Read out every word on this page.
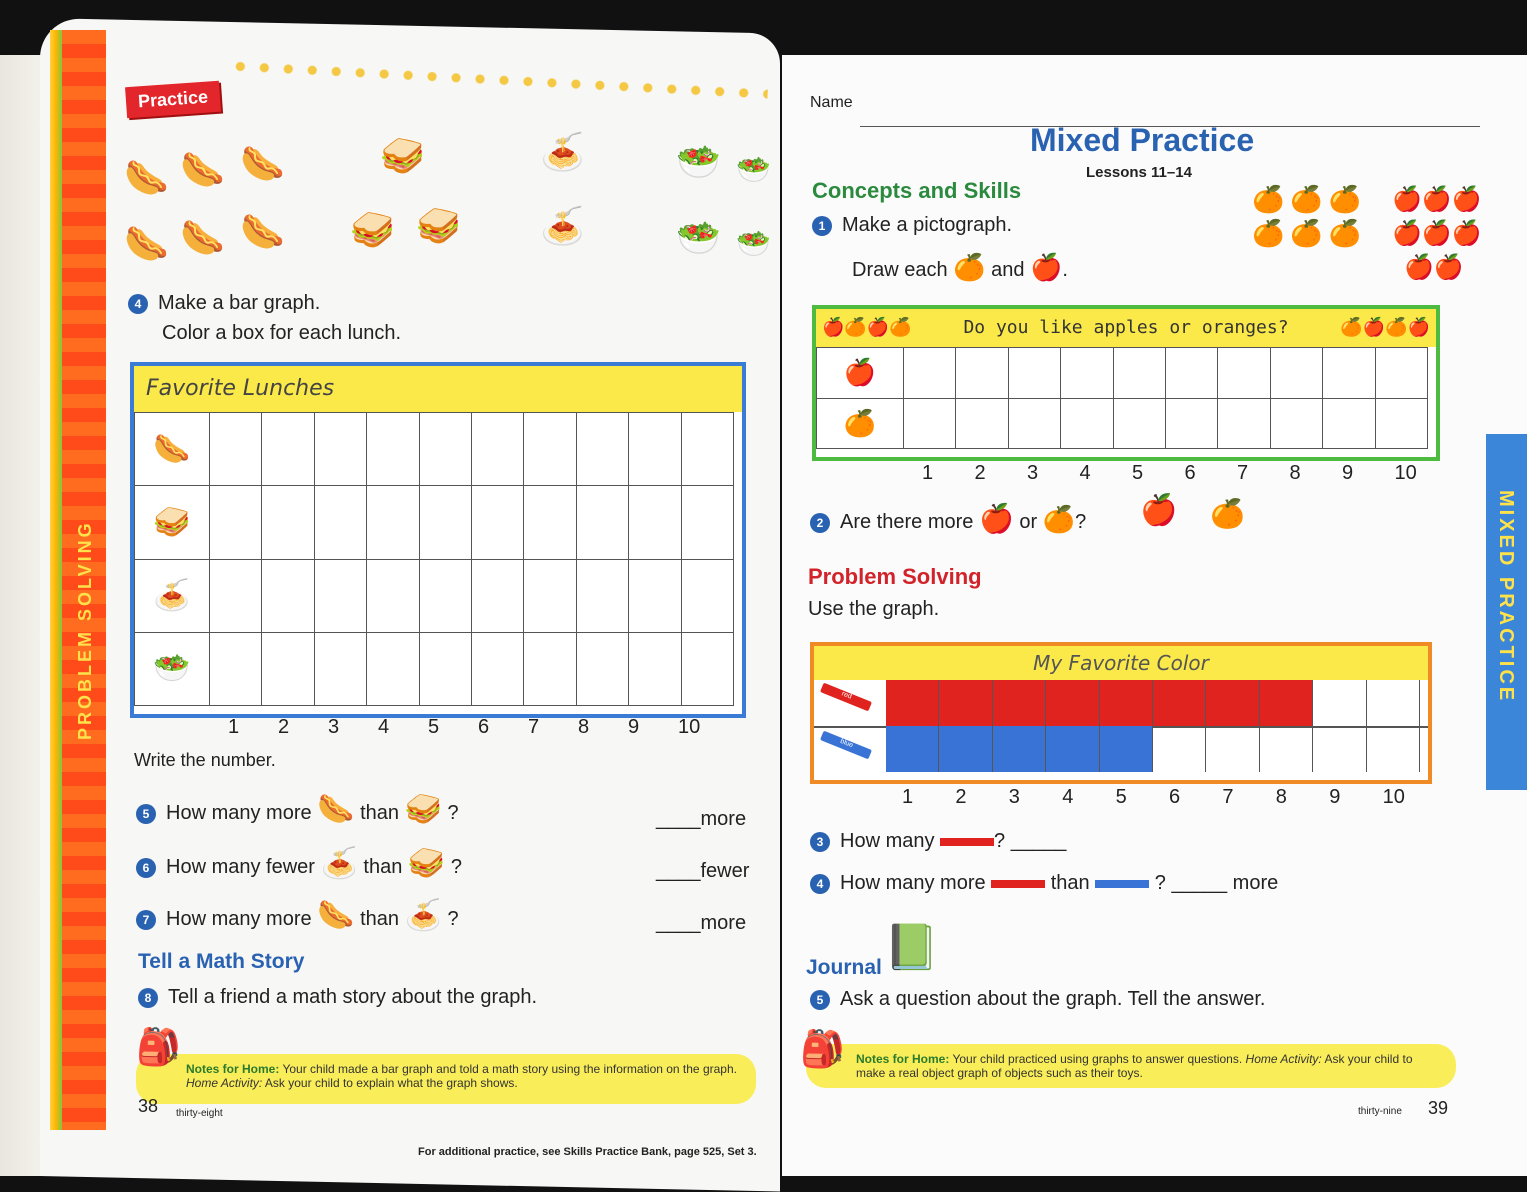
PROBLEM SOLVING
Practice
🌭 🌭 🌭
🌭 🌭 🌭
🥪
🥪 🥪
🍝
🍝
🥗 🥗
🥗 🥗
4 Make a bar graph.
Color a box for each lunch.
Favorite Lunches
🌭										
🥪										
🍝										
🥗										
1 2 3 4 5 6 7 8 9 10
Write the number.
5 How many more 🌭 than 🥪 ?	____more
6 How many fewer 🍝 than 🥪 ?	____fewer
7 How many more 🌭 than 🍝 ?	____more
Tell a Math Story
8 Tell a friend a math story about the graph.
Notes for Home: Your child made a bar graph and told a math story using the information on the graph. Home Activity: Ask your child to explain what the graph shows.
🎒
38 thirty-eight
For additional practice, see Skills Practice Bank, page 525, Set 3.
MIXED PRACTICE
Name
Mixed Practice
Lessons 11–14
Concepts and Skills	🍊🍊🍊
🍊🍊🍊
🍎🍎🍎
🍎🍎🍎
🍎🍎
1 Make a pictograph.
Draw each 🍊 and 🍎.
🍎🍊🍎🍊	Do you like apples or oranges?	🍊🍎🍊🍎
🍎										
🍊										
1 2 3 4 5 6 7 8 9 10
2 Are there more 🍎 or 🍊? 🍎 🍊
Problem Solving
Use the graph.
My Favorite Color
red
blue
1 2 3 4 5 6 7 8 9 10
3 How many	? _____
4 How many more	than	? _____ more
Journal 📗
5 Ask a question about the graph. Tell the answer.
Notes for Home: Your child practiced using graphs to answer questions. Home Activity: Ask your child to make a real object graph of objects such as their toys.
🎒
thirty-nine 39
